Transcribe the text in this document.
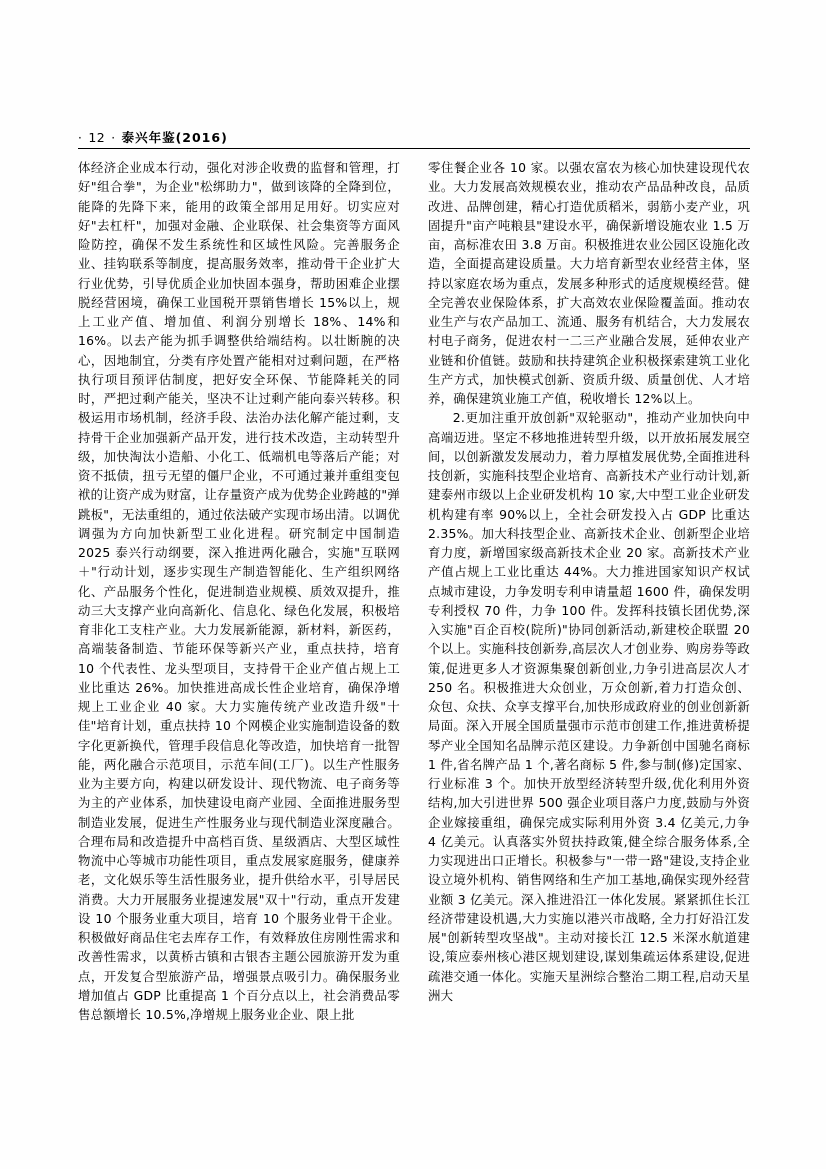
· 12 · 泰兴年鉴(2016)

体经济企业成本行动，强化对涉企收费的监督和管理，打好"组合拳"，为企业"松绑助力"，做到该降的全降到位，能降的先降下来，能用的政策全部用足用好。切实应对好"去杠杆"，加强对金融、企业联保、社会集资等方面风险防控，确保不发生系统性和区域性风险。完善服务企业、挂钩联系等制度，提高服务效率，推动骨干企业扩大行业优势，引导优质企业加快固本强身，帮助困难企业摆脱经营困境，确保工业国税开票销售增长 15%以上，规上工业产值、增加值、利润分别增长 18%、14%和 16%。以去产能为抓手调整供给端结构。以壮断腕的决心，因地制宜，分类有序处置产能相对过剩问题，在严格执行项目预评估制度，把好安全环保、节能降耗关的同时，严把过剩产能关，坚决不让过剩产能向泰兴转移。积极运用市场机制，经济手段、法治办法化解产能过剩，支持骨干企业加强新产品开发，进行技术改造，主动转型升级，加快淘汰小造船、小化工、低端机电等落后产能；对资不抵债，扭亏无望的僵尸企业，不可通过兼并重组变包袱的让资产成为财富，让存量资产成为优势企业跨越的"弹跳板"，无法重组的，通过依法破产实现市场出清。以调优调强为方向加快新型工业化进程。研究制定中国制造 2025 泰兴行动纲要，深入推进两化融合，实施"互联网＋"行动计划，逐步实现生产制造智能化、生产组织网络化、产品服务个性化，促进制造业规模、质效双提升，推动三大支撑产业向高新化、信息化、绿色化发展，积极培育非化工支柱产业。大力发展新能源，新材料，新医药，高端装备制造、节能环保等新兴产业，重点扶持，培育 10 个代表性、龙头型项目，支持骨干企业产值占规上工业比重达 26%。加快推进高成长性企业培育，确保净增规上工业企业 40 家。大力实施传统产业改造升级"十佳"培育计划，重点扶持 10 个网模企业实施制造设备的数字化更新换代，管理手段信息化等改造，加快培育一批智能，两化融合示范项目，示范车间(工厂)。以生产性服务业为主要方向，构建以研发设计、现代物流、电子商务等为主的产业体系，加快建设电商产业园、全面推进服务型制造业发展，促进生产性服务业与现代制造业深度融合。合理布局和改造提升中高档百货、星级酒店、大型区域性物流中心等城市功能性项目，重点发展家庭服务，健康养老，文化娱乐等生活性服务业，提升供给水平，引导居民消费。大力开展服务业提速发展"双十"行动，重点开发建设 10 个服务业重大项目，培育 10 个服务业骨干企业。积极做好商品住宅去库存工作，有效释放住房刚性需求和改善性需求，以黄桥古镇和古银杏主题公园旅游开发为重点，开发复合型旅游产品，增强景点吸引力。确保服务业增加值占 GDP 比重提高 1 个百分点以上，社会消费品零售总额增长 10.5%,净增规上服务业企业、限上批

零住餐企业各 10 家。以强农富农为核心加快建设现代农业。大力发展高效规模农业，推动农产品品种改良，品质改进、品牌创建，精心打造优质稻米，弱筋小麦产业，巩固提升"亩产吨粮县"建设水平，确保新增设施农业 1.5 万亩，高标准农田 3.8 万亩。积极推进农业公园区设施化改造，全面提高建设质量。大力培育新型农业经营主体，坚持以家庭农场为重点，发展多种形式的适度规模经营。健全完善农业保险体系，扩大高效农业保险覆盖面。推动农业生产与农产品加工、流通、服务有机结合，大力发展农村电子商务，促进农村一二三产业融合发展，延伸农业产业链和价值链。鼓励和扶持建筑企业积极探索建筑工业化生产方式，加快模式创新、资质升级、质量创优、人才培养，确保建筑业施工产值，税收增长 12%以上。

2.更加注重开放创新"双轮驱动"，推动产业加快向中高端迈进。坚定不移地推进转型升级，以开放拓展发展空间，以创新激发发展动力，着力厚植发展优势,全面推进科技创新，实施科技型企业培育、高新技术产业行动计划,新建泰州市级以上企业研发机构 10 家,大中型工业企业研发机构建有率 90%以上，全社会研发投入占 GDP 比重达 2.35%。加大科技型企业、高新技术企业、创新型企业培育力度，新增国家级高新技术企业 20 家。高新技术产业产值占规上工业比重达 44%。大力推进国家知识产权试点城市建设，力争发明专利申请量超 1600 件，确保发明专利授权 70 件，力争 100 件。发挥科技镇长团优势,深入实施"百企百校(院所)"协同创新活动,新建校企联盟 20 个以上。实施科技创新券,高层次人才创业券、购房券等政策,促进更多人才资源集聚创新创业,力争引进高层次人才 250 名。积极推进大众创业，万众创新,着力打造众创、众包、众扶、众享支撑平台,加快形成政府业的创业创新新局面。深入开展全国质量强市示范市创建工作,推进黄桥提琴产业全国知名品牌示范区建设。力争新创中国驰名商标 1 件,省名牌产品 1 个,著名商标 5 件,参与制(修)定国家、行业标准 3 个。加快开放型经济转型升级,优化利用外资结构,加大引进世界 500 强企业项目落户力度,鼓励与外资企业嫁接重组，确保完成实际利用外资 3.4 亿美元,力争 4 亿美元。认真落实外贸扶持政策,健全综合服务体系,全力实现进出口正增长。积极参与"一带一路"建设,支持企业设立境外机构、销售网络和生产加工基地,确保实现外经营业额 3 亿美元。深入推进沿江一体化发展。紧紧抓住长江经济带建设机遇,大力实施以港兴市战略, 全力打好沿江发展"创新转型攻坚战"。主动对接长江 12.5 米深水航道建设,策应泰州核心港区规划建设,谋划集疏运体系建设,促进疏港交通一体化。实施天星洲综合整治二期工程,启动天星洲大
